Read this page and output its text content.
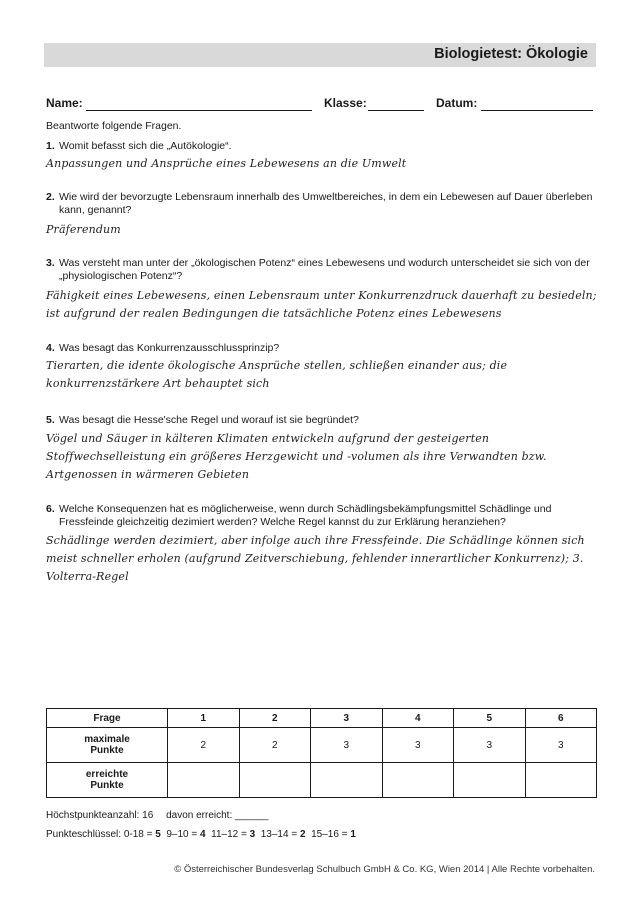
Biologietest: Ökologie
Name:	Klasse:	Datum:
Beantworte folgende Fragen.
1. Womit befasst sich die „Autökologie“.
Anpassungen und Ansprüche eines Lebewesens an die Umwelt
2. Wie wird der bevorzugte Lebensraum innerhalb des Umweltbereiches, in dem ein Lebewesen auf Dauer überleben kann, genannt?
Präferendum
3. Was versteht man unter der „ökologischen Potenz“ eines Lebewesens und wodurch unterscheidet sie sich von der „physiologischen Potenz“?
Fähigkeit eines Lebewesens, einen Lebensraum unter Konkurrenzdruck dauerhaft zu besiedeln; ist aufgrund der realen Bedingungen die tatsächliche Potenz eines Lebewesens
4. Was besagt das Konkurrenzausschlussprinzip?
Tierarten, die idente ökologische Ansprüche stellen, schließen einander aus; die konkurrenzstärkere Art behauptet sich
5. Was besagt die Hesse'sche Regel und worauf ist sie begründet?
Vögel und Säuger in kälteren Klimaten entwickeln aufgrund der gesteigerten Stoffwechselleistung ein größeres Herzgewicht und -volumen als ihre Verwandten bzw. Artgenossen in wärmeren Gebieten
6. Welche Konsequenzen hat es möglicherweise, wenn durch Schädlingsbekämpfungsmittel Schädlinge und Fressfeinde gleichzeitig dezimiert werden? Welche Regel kannst du zur Erklärung heranziehen?
Schädlinge werden dezimiert, aber infolge auch ihre Fressfeinde. Die Schädlinge können sich meist schneller erholen (aufgrund Zeitverschiebung, fehlender innerartlicher Konkurrenz); 3. Volterra-Regel
Frage	1	2	3	4	5	6

maximale
Punkte	2	2	3	3	3	3

erreichte
Punkte						

Höchstpunkteanzahl: 16 davon erreicht: ______
Punkteschlüssel: 0-18 = 5 9–10 = 4 11–12 = 3 13–14 = 2 15–16 = 1
© Österreichischer Bundesverlag Schulbuch GmbH & Co. KG, Wien 2014 | Alle Rechte vorbehalten.
